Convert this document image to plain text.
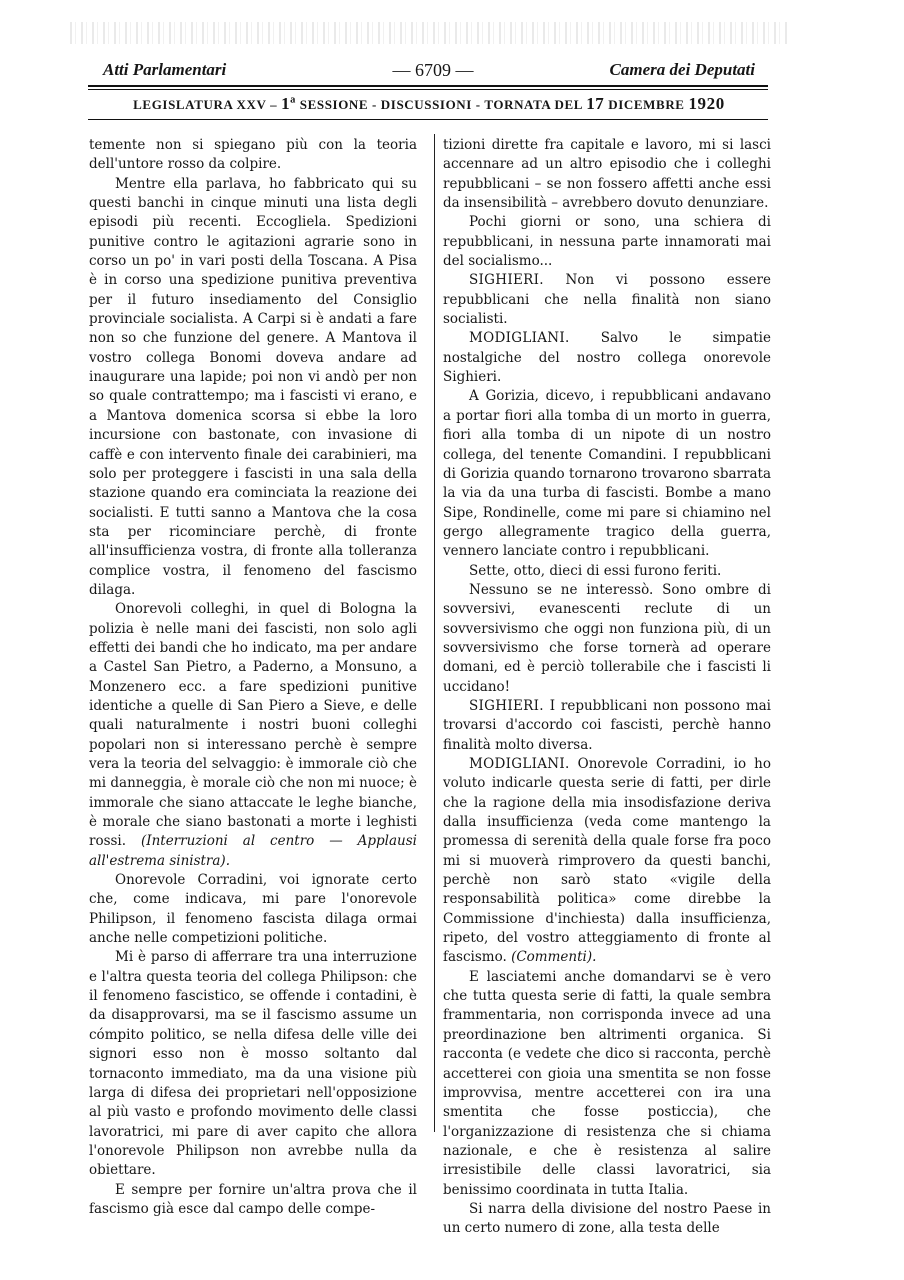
Atti Parlamentari	— 6709 —	Camera dei Deputati
LEGISLATURA XXV – 1ª SESSIONE - DISCUSSIONI - TORNATA DEL 17 DICEMBRE 1920

temente non si spiegano più con la teoria dell'untore rosso da colpire.

Mentre ella parlava, ho fabbricato qui su questi banchi in cinque minuti una lista degli episodi più recenti. Eccogliela. Spedizioni punitive contro le agitazioni agrarie sono in corso un po' in vari posti della Toscana. A Pisa è in corso una spedizione punitiva preventiva per il futuro insediamento del Consiglio provinciale socialista. A Carpi si è andati a fare non so che funzione del genere. A Mantova il vostro collega Bonomi doveva andare ad inaugurare una lapide; poi non vi andò per non so quale contrattempo; ma i fascisti vi erano, e a Mantova domenica scorsa si ebbe la loro incursione con bastonate, con invasione di caffè e con intervento finale dei carabinieri, ma solo per proteggere i fascisti in una sala della stazione quando era cominciata la reazione dei socialisti. E tutti sanno a Mantova che la cosa sta per ricominciare perchè, di fronte all'insufficienza vostra, di fronte alla tolleranza complice vostra, il fenomeno del fascismo dilaga.

Onorevoli colleghi, in quel di Bologna la polizia è nelle mani dei fascisti, non solo agli effetti dei bandi che ho indicato, ma per andare a Castel San Pietro, a Paderno, a Monsuno, a Monzenero ecc. a fare spedizioni punitive identiche a quelle di San Piero a Sieve, e delle quali naturalmente i nostri buoni colleghi popolari non si interessano perchè è sempre vera la teoria del selvaggio: è immorale ciò che mi danneggia, è morale ciò che non mi nuoce; è immorale che siano attaccate le leghe bianche, è morale che siano bastonati a morte i leghisti rossi. (Interruzioni al centro — Applausi all'estrema sinistra).

Onorevole Corradini, voi ignorate certo che, come indicava, mi pare l'onorevole Philipson, il fenomeno fascista dilaga ormai anche nelle competizioni politiche.

Mi è parso di afferrare tra una interruzione e l'altra questa teoria del collega Philipson: che il fenomeno fascistico, se offende i contadini, è da disapprovarsi, ma se il fascismo assume un cómpito politico, se nella difesa delle ville dei signori esso non è mosso soltanto dal tornaconto immediato, ma da una visione più larga di difesa dei proprietari nell'opposizione al più vasto e profondo movimento delle classi lavoratrici, mi pare di aver capito che allora l'onorevole Philipson non avrebbe nulla da obiettare.

E sempre per fornire un'altra prova che il fascismo già esce dal campo delle compe-

tizioni dirette fra capitale e lavoro, mi si lasci accennare ad un altro episodio che i colleghi repubblicani – se non fossero affetti anche essi da insensibilità – avrebbero dovuto denunziare.

Pochi giorni or sono, una schiera di repubblicani, in nessuna parte innamorati mai del socialismo...

SIGHIERI. Non vi possono essere repubblicani che nella finalità non siano socialisti.

MODIGLIANI. Salvo le simpatie nostalgiche del nostro collega onorevole Sighieri.

A Gorizia, dicevo, i repubblicani andavano a portar fiori alla tomba di un morto in guerra, fiori alla tomba di un nipote di un nostro collega, del tenente Comandini. I repubblicani di Gorizia quando tornarono trovarono sbarrata la via da una turba di fascisti. Bombe a mano Sipe, Rondinelle, come mi pare si chiamino nel gergo allegramente tragico della guerra, vennero lanciate contro i repubblicani.

Sette, otto, dieci di essi furono feriti.

Nessuno se ne interessò. Sono ombre di sovversivi, evanescenti reclute di un sovversivismo che oggi non funziona più, di un sovversivismo che forse tornerà ad operare domani, ed è perciò tollerabile che i fascisti li uccidano!

SIGHIERI. I repubblicani non possono mai trovarsi d'accordo coi fascisti, perchè hanno finalità molto diversa.

MODIGLIANI. Onorevole Corradini, io ho voluto indicarle questa serie di fatti, per dirle che la ragione della mia insodisfazione deriva dalla insufficienza (veda come mantengo la promessa di serenità della quale forse fra poco mi si muoverà rimprovero da questi banchi, perchè non sarò stato «vigile della responsabilità politica» come direbbe la Commissione d'inchiesta) dalla insufficienza, ripeto, del vostro atteggiamento di fronte al fascismo. (Commenti).

E lasciatemi anche domandarvi se è vero che tutta questa serie di fatti, la quale sembra frammentaria, non corrisponda invece ad una preordinazione ben altrimenti organica. Si racconta (e vedete che dico si racconta, perchè accetterei con gioia una smentita se non fosse improvvisa, mentre accetterei con ira una smentita che fosse posticcia), che l'organizzazione di resistenza che si chiama nazionale, e che è resistenza al salire irresistibile delle classi lavoratrici, sia benissimo coordinata in tutta Italia.

Si narra della divisione del nostro Paese in un certo numero di zone, alla testa delle
